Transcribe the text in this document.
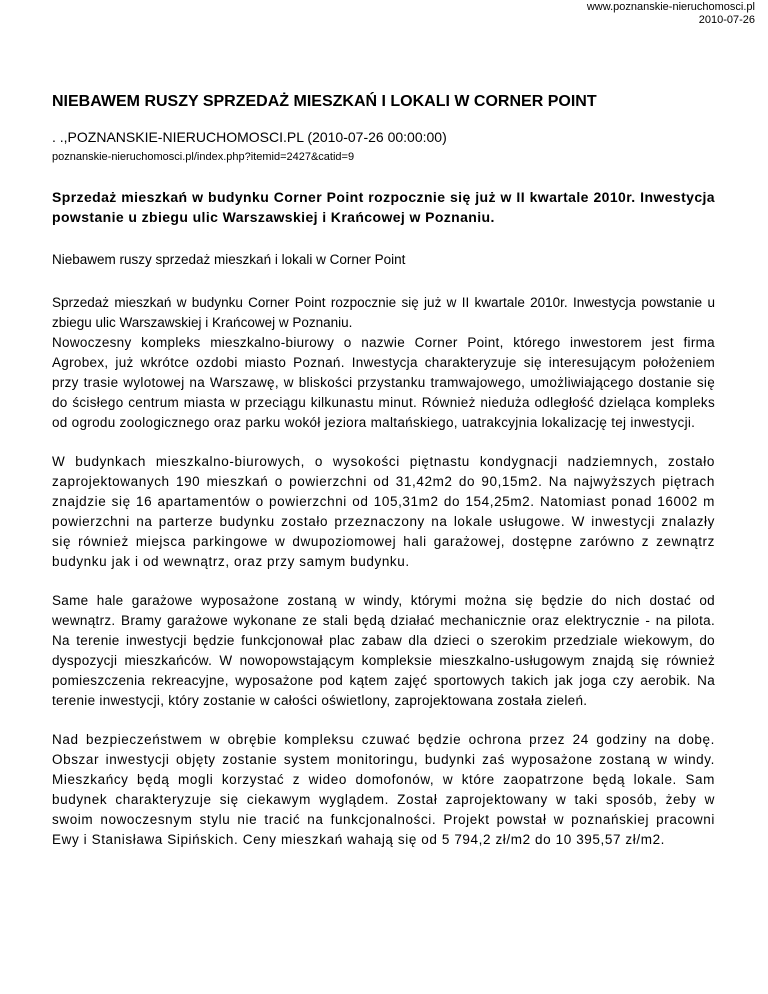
www.poznanskie-nieruchomosci.pl
2010-07-26
NIEBAWEM RUSZY SPRZEDAŻ MIESZKAŃ I LOKALI W CORNER POINT

. .,POZNANSKIE-NIERUCHOMOSCI.PL (2010-07-26 00:00:00)

poznanskie-nieruchomosci.pl/index.php?itemid=2427&catid=9

Sprzedaż mieszkań w budynku Corner Point rozpocznie się już w II kwartale 2010r. Inwestycja powstanie u zbiegu ulic Warszawskiej i Krańcowej w Poznaniu.

Niebawem ruszy sprzedaż mieszkań i lokali w Corner Point

Sprzedaż mieszkań w budynku Corner Point rozpocznie się już w II kwartale 2010r. Inwestycja powstanie u zbiegu ulic Warszawskiej i Krańcowej w Poznaniu.

Nowoczesny kompleks mieszkalno-biurowy o nazwie Corner Point, którego inwestorem jest firma Agrobex, już wkrótce ozdobi miasto Poznań. Inwestycja charakteryzuje się interesującym położeniem przy trasie wylotowej na Warszawę, w bliskości przystanku tramwajowego, umożliwiającego dostanie się do ścisłego centrum miasta w przeciągu kilkunastu minut. Również nieduża odległość dzieląca kompleks od ogrodu zoologicznego oraz parku wokół jeziora maltańskiego, uatrakcyjnia lokalizację tej inwestycji.

W budynkach mieszkalno-biurowych, o wysokości piętnastu kondygnacji nadziemnych, zostało zaprojektowanych 190 mieszkań o powierzchni od 31,42m2 do 90,15m2. Na najwyższych piętrach znajdzie się 16 apartamentów o powierzchni od 105,31m2 do 154,25m2. Natomiast ponad 16002 m powierzchni na parterze budynku zostało przeznaczony na lokale usługowe. W inwestycji znalazły się również miejsca parkingowe w dwupoziomowej hali garażowej, dostępne zarówno z zewnątrz budynku jak i od wewnątrz, oraz przy samym budynku.

Same hale garażowe wyposażone zostaną w windy, którymi można się będzie do nich dostać od wewnątrz. Bramy garażowe wykonane ze stali będą działać mechanicznie oraz elektrycznie - na pilota. Na terenie inwestycji będzie funkcjonował plac zabaw dla dzieci o szerokim przedziale wiekowym, do dyspozycji mieszkańców. W nowopowstającym kompleksie mieszkalno-usługowym znajdą się również pomieszczenia rekreacyjne, wyposażone pod kątem zajęć sportowych takich jak joga czy aerobik. Na terenie inwestycji, który zostanie w całości oświetlony, zaprojektowana została zieleń.

Nad bezpieczeństwem w obrębie kompleksu czuwać będzie ochrona przez 24 godziny na dobę. Obszar inwestycji objęty zostanie system monitoringu, budynki zaś wyposażone zostaną w windy. Mieszkańcy będą mogli korzystać z wideo domofonów, w które zaopatrzone będą lokale. Sam budynek charakteryzuje się ciekawym wyglądem. Został zaprojektowany w taki sposób, żeby w swoim nowoczesnym stylu nie tracić na funkcjonalności. Projekt powstał w poznańskiej pracowni Ewy i Stanisława Sipińskich. Ceny mieszkań wahają się od 5 794,2 zł/m2 do 10 395,57 zł/m2.
